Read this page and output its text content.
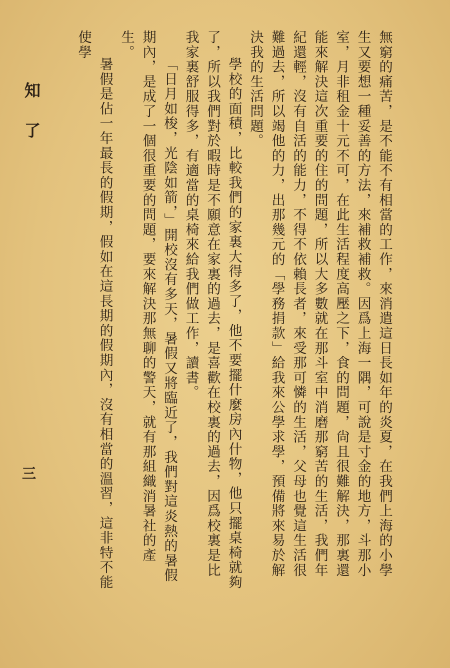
無窮的痛苦，是不能不有相當的工作，來消遣這日長如年的炎夏，在我們上海的小學生又要想一種妥善的方法，來補救補救。因爲上海一隅，可說是寸金的地方，斗那小室，月非租金十元不可，在此生活程度高壓之下，食的問題，尙且很難解決，那裏還能來解決這次重要的住的問題，所以大多數就在那斗室中消磨那窮苦的生活，我們年紀還輕，沒有自活的能力，不得不依賴長者，來受那可憐的生活，父母也覺這生活很難過去，所以竭他的力，出那幾元的「學務捐款」給我來公學求學，預備將來易於解決我的生活問題。

學校的面積，比較我們的家裏大得多了，他不要擺什麼房內什物，他只擺桌椅就夠了，所以我們對於暇時是不願意在家裏的過去，是喜歡在校裏的過去，因爲校裏是比我家裏舒服得多，有適當的桌椅來給我們做工作，讀書。

「日月如梭，光陰如箭，」開校沒有多天，暑假又將臨近了，我們對這炎熱的暑假期內，是成了一個很重要的問題，要來解決那無聊的警天，就有那組織消暑社的產生。

暑假是佔一年最長的假期，假如在這長期的假期內，沒有相當的溫習，這非特不能使學

知了
三
